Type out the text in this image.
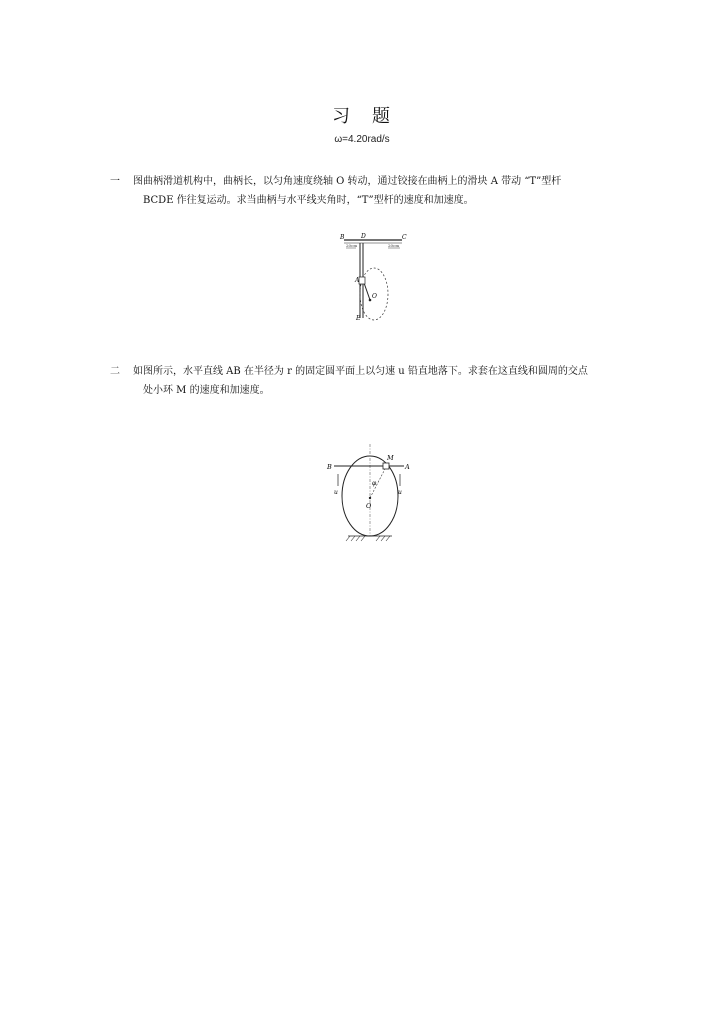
习　题
ω=4.20rad/s
一	图曲柄滑道机构中，曲柄长，以匀角速度绕轴 O 转动，通过铰接在曲柄上的滑块 A 带动 “T”型杆
BCDE 作往复运动。求当曲柄与水平线夹角时，“T”型杆的速度和加速度。
20cm	20cm
B	D	C
A
O
E
二	如图所示，水平直线 AB 在半径为 r 的固定圆平面上以匀速 u 铅直地落下。求套在这直线和圆周的交点
处小环 M 的速度和加速度。
B	A
M
O
φ
u	u
